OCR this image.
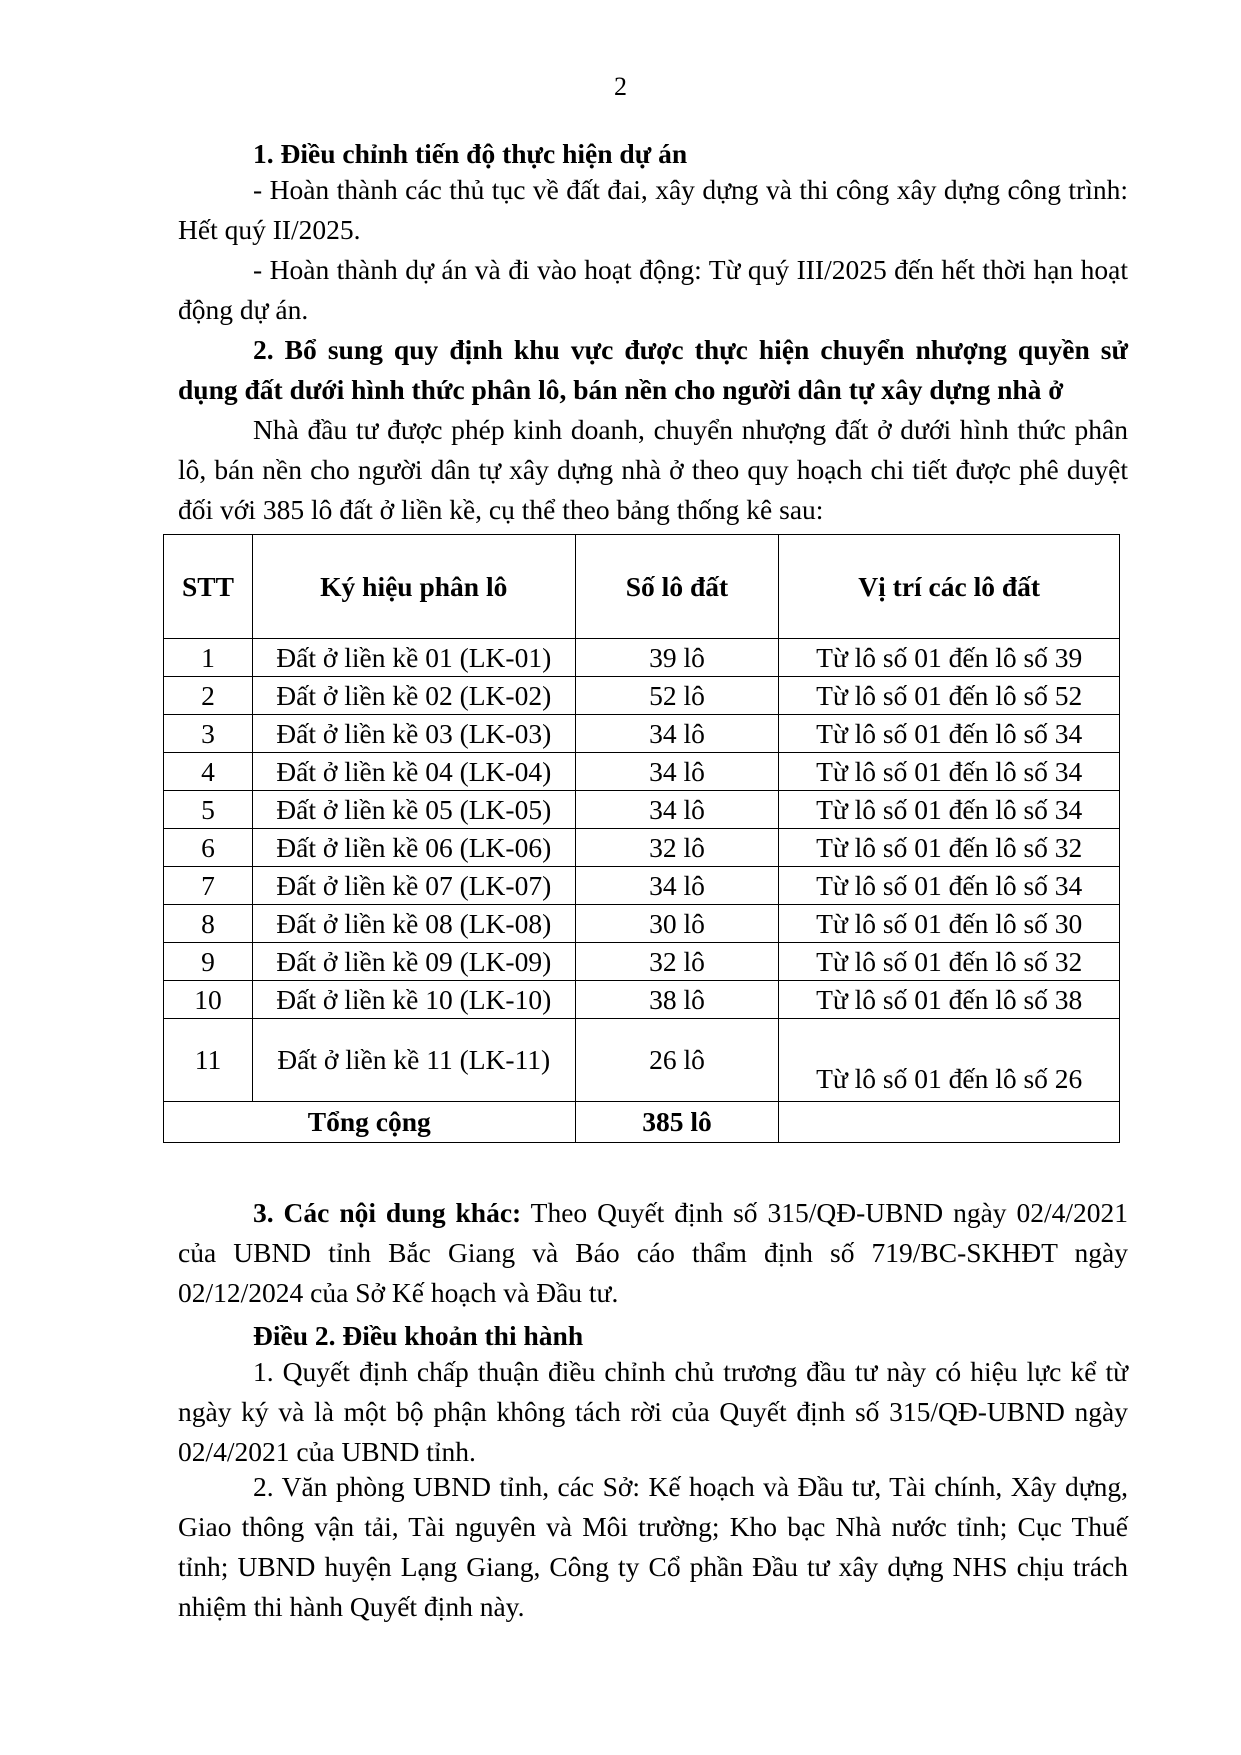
2

1. Điều chỉnh tiến độ thực hiện dự án

- Hoàn thành các thủ tục về đất đai, xây dựng và thi công xây dựng công trình: Hết quý II/2025.

- Hoàn thành dự án và đi vào hoạt động: Từ quý III/2025 đến hết thời hạn hoạt động dự án.

2. Bổ sung quy định khu vực được thực hiện chuyển nhượng quyền sử dụng đất dưới hình thức phân lô, bán nền cho người dân tự xây dựng nhà ở

Nhà đầu tư được phép kinh doanh, chuyển nhượng đất ở dưới hình thức phân lô, bán nền cho người dân tự xây dựng nhà ở theo quy hoạch chi tiết được phê duyệt đối với 385 lô đất ở liền kề, cụ thể theo bảng thống kê sau:

STT	Ký hiệu phân lô	Số lô đất	Vị trí các lô đất
1	Đất ở liền kề 01 (LK-01)	39 lô	Từ lô số 01 đến lô số 39
2	Đất ở liền kề 02 (LK-02)	52 lô	Từ lô số 01 đến lô số 52
3	Đất ở liền kề 03 (LK-03)	34 lô	Từ lô số 01 đến lô số 34
4	Đất ở liền kề 04 (LK-04)	34 lô	Từ lô số 01 đến lô số 34
5	Đất ở liền kề 05 (LK-05)	34 lô	Từ lô số 01 đến lô số 34
6	Đất ở liền kề 06 (LK-06)	32 lô	Từ lô số 01 đến lô số 32
7	Đất ở liền kề 07 (LK-07)	34 lô	Từ lô số 01 đến lô số 34
8	Đất ở liền kề 08 (LK-08)	30 lô	Từ lô số 01 đến lô số 30
9	Đất ở liền kề 09 (LK-09)	32 lô	Từ lô số 01 đến lô số 32
10	Đất ở liền kề 10 (LK-10)	38 lô	Từ lô số 01 đến lô số 38
11	Đất ở liền kề 11 (LK-11)	26 lô	Từ lô số 01 đến lô số 26
Tổng cộng		385 lô	

3. Các nội dung khác: Theo Quyết định số 315/QĐ-UBND ngày 02/4/2021 của UBND tỉnh Bắc Giang và Báo cáo thẩm định số 719/BC-SKHĐT ngày 02/12/2024 của Sở Kế hoạch và Đầu tư.

Điều 2. Điều khoản thi hành

1. Quyết định chấp thuận điều chỉnh chủ trương đầu tư này có hiệu lực kể từ ngày ký và là một bộ phận không tách rời của Quyết định số 315/QĐ-UBND ngày 02/4/2021 của UBND tỉnh.

2. Văn phòng UBND tỉnh, các Sở: Kế hoạch và Đầu tư, Tài chính, Xây dựng, Giao thông vận tải, Tài nguyên và Môi trường; Kho bạc Nhà nước tỉnh; Cục Thuế tỉnh; UBND huyện Lạng Giang, Công ty Cổ phần Đầu tư xây dựng NHS chịu trách nhiệm thi hành Quyết định này.
